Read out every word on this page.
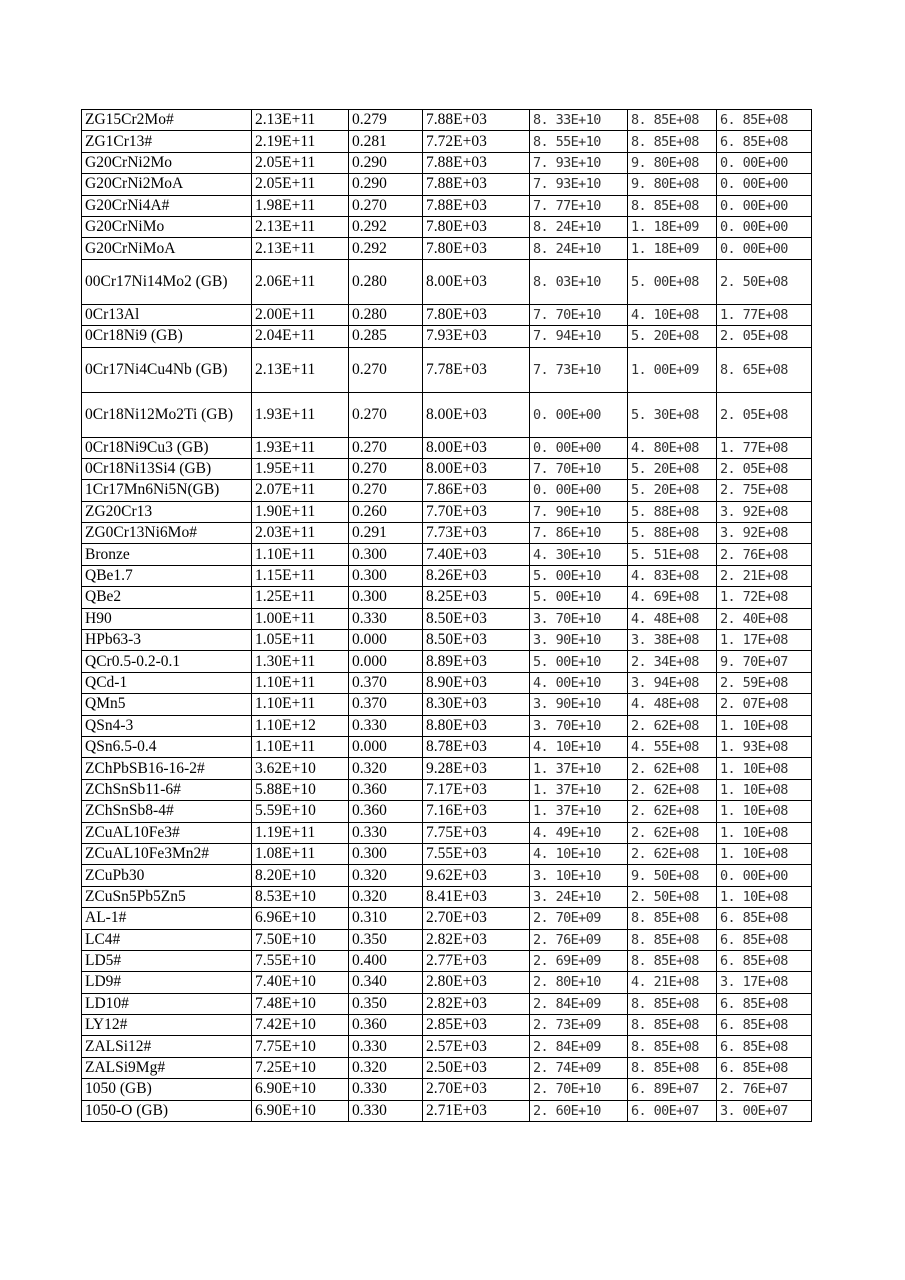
ZG15Cr2Mo#	2.13E+11	0.279	7.88E+03	8. 33E+10	8. 85E+08	6. 85E+08
ZG1Cr13#	2.19E+11	0.281	7.72E+03	8. 55E+10	8. 85E+08	6. 85E+08
G20CrNi2Mo	2.05E+11	0.290	7.88E+03	7. 93E+10	9. 80E+08	0. 00E+00
G20CrNi2MoA	2.05E+11	0.290	7.88E+03	7. 93E+10	9. 80E+08	0. 00E+00
G20CrNi4A#	1.98E+11	0.270	7.88E+03	7. 77E+10	8. 85E+08	0. 00E+00
G20CrNiMo	2.13E+11	0.292	7.80E+03	8. 24E+10	1. 18E+09	0. 00E+00
G20CrNiMoA	2.13E+11	0.292	7.80E+03	8. 24E+10	1. 18E+09	0. 00E+00
00Cr17Ni14Mo2 (GB)	2.06E+11	0.280	8.00E+03	8. 03E+10	5. 00E+08	2. 50E+08
0Cr13Al	2.00E+11	0.280	7.80E+03	7. 70E+10	4. 10E+08	1. 77E+08
0Cr18Ni9 (GB)	2.04E+11	0.285	7.93E+03	7. 94E+10	5. 20E+08	2. 05E+08
0Cr17Ni4Cu4Nb (GB)	2.13E+11	0.270	7.78E+03	7. 73E+10	1. 00E+09	8. 65E+08
0Cr18Ni12Mo2Ti (GB)	1.93E+11	0.270	8.00E+03	0. 00E+00	5. 30E+08	2. 05E+08
0Cr18Ni9Cu3 (GB)	1.93E+11	0.270	8.00E+03	0. 00E+00	4. 80E+08	1. 77E+08
0Cr18Ni13Si4 (GB)	1.95E+11	0.270	8.00E+03	7. 70E+10	5. 20E+08	2. 05E+08
1Cr17Mn6Ni5N(GB)	2.07E+11	0.270	7.86E+03	0. 00E+00	5. 20E+08	2. 75E+08
ZG20Cr13	1.90E+11	0.260	7.70E+03	7. 90E+10	5. 88E+08	3. 92E+08
ZG0Cr13Ni6Mo#	2.03E+11	0.291	7.73E+03	7. 86E+10	5. 88E+08	3. 92E+08
Bronze	1.10E+11	0.300	7.40E+03	4. 30E+10	5. 51E+08	2. 76E+08
QBe1.7	1.15E+11	0.300	8.26E+03	5. 00E+10	4. 83E+08	2. 21E+08
QBe2	1.25E+11	0.300	8.25E+03	5. 00E+10	4. 69E+08	1. 72E+08
H90	1.00E+11	0.330	8.50E+03	3. 70E+10	4. 48E+08	2. 40E+08
HPb63-3	1.05E+11	0.000	8.50E+03	3. 90E+10	3. 38E+08	1. 17E+08
QCr0.5-0.2-0.1	1.30E+11	0.000	8.89E+03	5. 00E+10	2. 34E+08	9. 70E+07
QCd-1	1.10E+11	0.370	8.90E+03	4. 00E+10	3. 94E+08	2. 59E+08
QMn5	1.10E+11	0.370	8.30E+03	3. 90E+10	4. 48E+08	2. 07E+08
QSn4-3	1.10E+12	0.330	8.80E+03	3. 70E+10	2. 62E+08	1. 10E+08
QSn6.5-0.4	1.10E+11	0.000	8.78E+03	4. 10E+10	4. 55E+08	1. 93E+08
ZChPbSB16-16-2#	3.62E+10	0.320	9.28E+03	1. 37E+10	2. 62E+08	1. 10E+08
ZChSnSb11-6#	5.88E+10	0.360	7.17E+03	1. 37E+10	2. 62E+08	1. 10E+08
ZChSnSb8-4#	5.59E+10	0.360	7.16E+03	1. 37E+10	2. 62E+08	1. 10E+08
ZCuAL10Fe3#	1.19E+11	0.330	7.75E+03	4. 49E+10	2. 62E+08	1. 10E+08
ZCuAL10Fe3Mn2#	1.08E+11	0.300	7.55E+03	4. 10E+10	2. 62E+08	1. 10E+08
ZCuPb30	8.20E+10	0.320	9.62E+03	3. 10E+10	9. 50E+08	0. 00E+00
ZCuSn5Pb5Zn5	8.53E+10	0.320	8.41E+03	3. 24E+10	2. 50E+08	1. 10E+08
AL-1#	6.96E+10	0.310	2.70E+03	2. 70E+09	8. 85E+08	6. 85E+08
LC4#	7.50E+10	0.350	2.82E+03	2. 76E+09	8. 85E+08	6. 85E+08
LD5#	7.55E+10	0.400	2.77E+03	2. 69E+09	8. 85E+08	6. 85E+08
LD9#	7.40E+10	0.340	2.80E+03	2. 80E+10	4. 21E+08	3. 17E+08
LD10#	7.48E+10	0.350	2.82E+03	2. 84E+09	8. 85E+08	6. 85E+08
LY12#	7.42E+10	0.360	2.85E+03	2. 73E+09	8. 85E+08	6. 85E+08
ZALSi12#	7.75E+10	0.330	2.57E+03	2. 84E+09	8. 85E+08	6. 85E+08
ZALSi9Mg#	7.25E+10	0.320	2.50E+03	2. 74E+09	8. 85E+08	6. 85E+08
1050 (GB)	6.90E+10	0.330	2.70E+03	2. 70E+10	6. 89E+07	2. 76E+07
1050-O (GB)	6.90E+10	0.330	2.71E+03	2. 60E+10	6. 00E+07	3. 00E+07
